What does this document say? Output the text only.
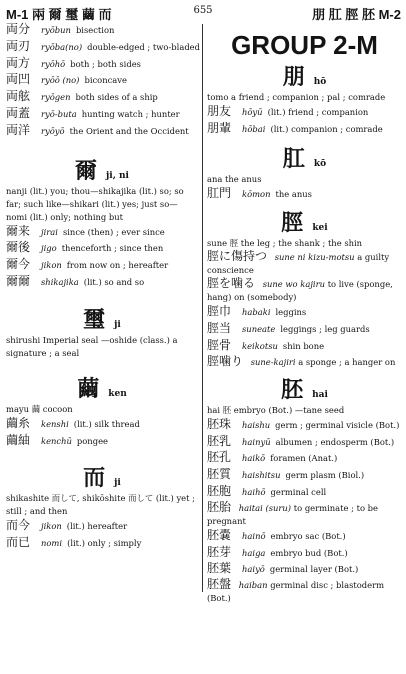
M-1 兩 爾 璽 繭 而	655	朋 肛 脛 胚 M-2
両分	ryōbun bisection
両刃	ryōba(no) double-edged ; two-bladed
両方	ryōhō both ; both sides
両凹	ryōō (no) biconcave
両舷	ryōgen both sides of a ship
両蓋	ryō-buta hunting watch ; hunter
両洋	ryōyō the Orient and the Occident
爾 ji, ni
nanji (lit.) you; thou—shikajika (lit.) so; so far; such like—shikari (lit.) yes; just so—nomi (lit.) only; nothing but
爾来	jirai since (then) ; ever since
爾後	jigo thenceforth ; since then
爾今	jikon from now on ; hereafter
爾爾	shikajika (lit.) so and so
璽 ji
shirushi Imperial seal —oshide (class.) a signature ; a seal
繭 ken
mayu 繭 cocoon
繭糸	kenshi (lit.) silk thread
繭紬	kenchū pongee
而 ji
shikashite 而して, shikōshite 而して (lit.) yet ; still ; and then
而今	jikon (lit.) hereafter
而已	nomi (lit.) only ; simply
GROUP 2-M
朋 hō
tomo a friend ; companion ; pal ; comrade
朋友	hōyū (lit.) friend ; companion
朋輩	hōbai (lit.) companion ; comrade
肛 kō
ana the anus
肛門	kōmon the anus
脛 kei
sune 脛 the leg ; the shank ; the shin
脛に傷持つ sune ni kizu-motsu a guilty conscience
脛を噛る sune wo kajiru to live (sponge, hang) on (somebody)
脛巾	habaki leggins
脛当	suneate leggings ; leg guards
脛骨	keikotsu shin bone
脛噛り sune-kajiri a sponge ; a hanger on
胚 hai
hai 胚 embryo (Bot.) —tane seed
胚珠	haishu germ ; germinal visicle (Bot.)
胚乳	hainyū albumen ; endosperm (Bot.)
胚孔	haikō foramen (Anat.)
胚質	haishitsu germ plasm (Biol.)
胚胞	haihō germinal cell
胚胎 haitai (suru) to germinate ; to be pregnant
胚嚢	hainō embryo sac (Bot.)
胚芽	haiga embryo bud (Bot.)
胚葉	haiyō germinal layer (Bot.)
胚盤 haiban germinal disc ; blastoderm (Bot.)
